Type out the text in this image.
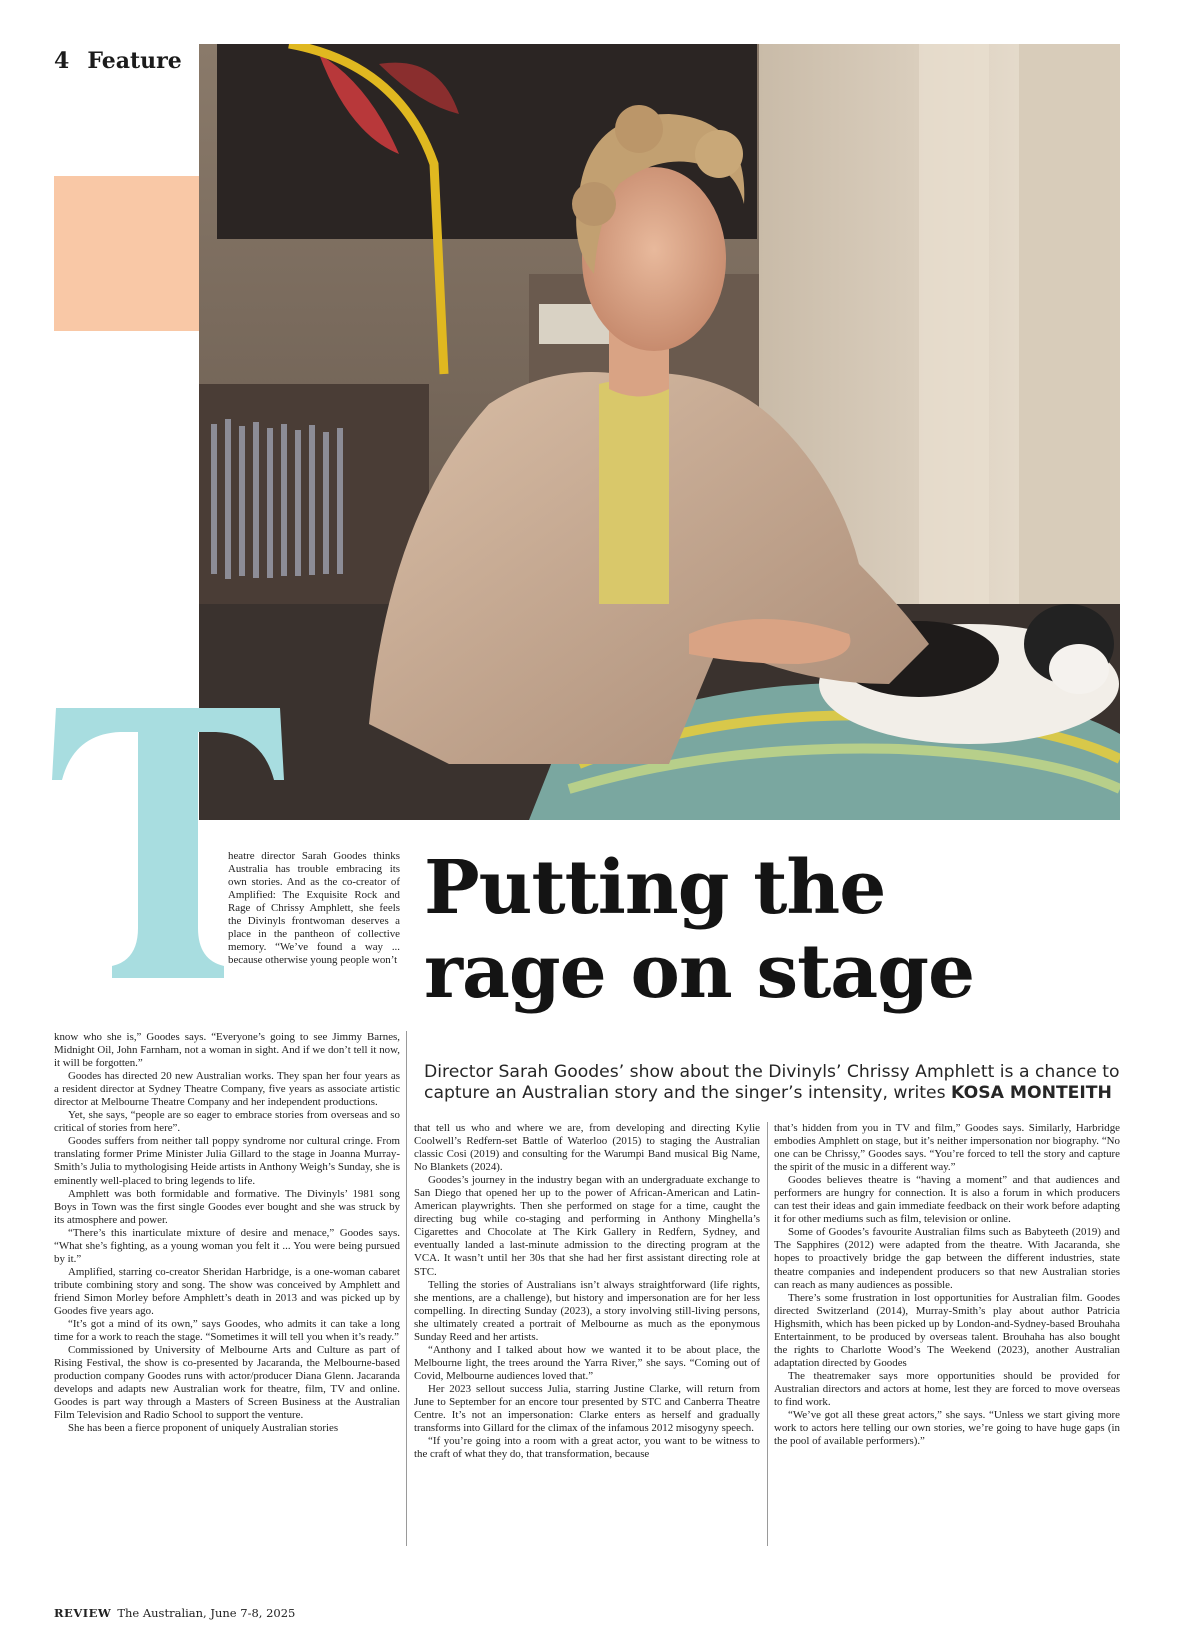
4 Feature
Putting the
rage on stage
Director Sarah Goodes’ show about the Divinyls’ Chrissy Amphlett is a chance to capture an Australian story and the singer’s intensity, writes KOSA MONTEITH

heatre director Sarah Goodes thinks Australia has trouble embracing its own stories. And as the co-creator of Amplified: The Exquisite Rock and Rage of Chrissy Amphlett, she feels the Divinyls frontwoman deserves a place in the pantheon of collective memory. “We’ve found a way ... because otherwise young people won’t

know who she is,” Goodes says. “Everyone’s going to see Jimmy Barnes, Midnight Oil, John Farnham, not a woman in sight. And if we don’t tell it now, it will be forgotten.”

Goodes has directed 20 new Australian works. They span her four years as a resident director at Sydney Theatre Company, five years as associate artistic director at Melbourne Theatre Company and her independent productions.

Yet, she says, “people are so eager to embrace stories from overseas and so critical of stories from here”.

Goodes suffers from neither tall poppy syndrome nor cultural cringe. From translating former Prime Minister Julia Gillard to the stage in Joanna Murray-Smith’s Julia to mythologising Heide artists in Anthony Weigh’s Sunday, she is eminently well-placed to bring legends to life.

Amphlett was both formidable and formative. The Divinyls’ 1981 song Boys in Town was the first single Goodes ever bought and she was struck by its atmosphere and power.

“There’s this inarticulate mixture of desire and menace,” Goodes says. “What she’s fighting, as a young woman you felt it ... You were being pursued by it.”

Amplified, starring co-creator Sheridan Harbridge, is a one-woman cabaret tribute combining story and song. The show was conceived by Amphlett and friend Simon Morley before Amphlett’s death in 2013 and was picked up by Goodes five years ago.

“It’s got a mind of its own,” says Goodes, who admits it can take a long time for a work to reach the stage. “Sometimes it will tell you when it’s ready.”

Commissioned by University of Melbourne Arts and Culture as part of Rising Festival, the show is co-presented by Jacaranda, the Melbourne-based production company Goodes runs with actor/producer Diana Glenn. Jacaranda develops and adapts new Australian work for theatre, film, TV and online. Goodes is part way through a Masters of Screen Business at the Australian Film Television and Radio School to support the venture.

She has been a fierce proponent of uniquely Australian stories

that tell us who and where we are, from developing and directing Kylie Coolwell’s Redfern-set Battle of Waterloo (2015) to staging the Australian classic Cosi (2019) and consulting for the Warumpi Band musical Big Name, No Blankets (2024).

Goodes’s journey in the industry began with an undergraduate exchange to San Diego that opened her up to the power of African-American and Latin-American playwrights. Then she performed on stage for a time, caught the directing bug while co-staging and performing in Anthony Minghella’s Cigarettes and Chocolate at The Kirk Gallery in Redfern, Sydney, and eventually landed a last-minute admission to the directing program at the VCA. It wasn’t until her 30s that she had her first assistant directing role at STC.

Telling the stories of Australians isn’t always straightforward (life rights, she mentions, are a challenge), but history and impersonation are for her less compelling. In directing Sunday (2023), a story involving still-living persons, she ultimately created a portrait of Melbourne as much as the eponymous Sunday Reed and her artists.

“Anthony and I talked about how we wanted it to be about place, the Melbourne light, the trees around the Yarra River,” she says. “Coming out of Covid, Melbourne audiences loved that.”

Her 2023 sellout success Julia, starring Justine Clarke, will return from June to September for an encore tour presented by STC and Canberra Theatre Centre. It’s not an impersonation: Clarke enters as herself and gradually transforms into Gillard for the climax of the infamous 2012 misogyny speech.

“If you’re going into a room with a great actor, you want to be witness to the craft of what they do, that transformation, because

that’s hidden from you in TV and film,” Goodes says. Similarly, Harbridge embodies Amphlett on stage, but it’s neither impersonation nor biography. “No one can be Chrissy,” Goodes says. “You’re forced to tell the story and capture the spirit of the music in a different way.”

Goodes believes theatre is “having a moment” and that audiences and performers are hungry for connection. It is also a forum in which producers can test their ideas and gain immediate feedback on their work before adapting it for other mediums such as film, television or online.

Some of Goodes’s favourite Australian films such as Babyteeth (2019) and The Sapphires (2012) were adapted from the theatre. With Jacaranda, she hopes to proactively bridge the gap between the different industries, state theatre companies and independent producers so that new Australian stories can reach as many audiences as possible.

There’s some frustration in lost opportunities for Australian film. Goodes directed Switzerland (2014), Murray-Smith’s play about author Patricia Highsmith, which has been picked up by London-and-Sydney-based Brouhaha Entertainment, to be produced by overseas talent. Brouhaha has also bought the rights to Charlotte Wood’s The Weekend (2023), another Australian adaptation directed by Goodes

The theatremaker says more opportunities should be provided for Australian directors and actors at home, lest they are forced to move overseas to find work.

“We’ve got all these great actors,” she says. “Unless we start giving more work to actors here telling our own stories, we’re going to have huge gaps (in the pool of available performers).”

REVIEW The Australian, June 7-8, 2025
